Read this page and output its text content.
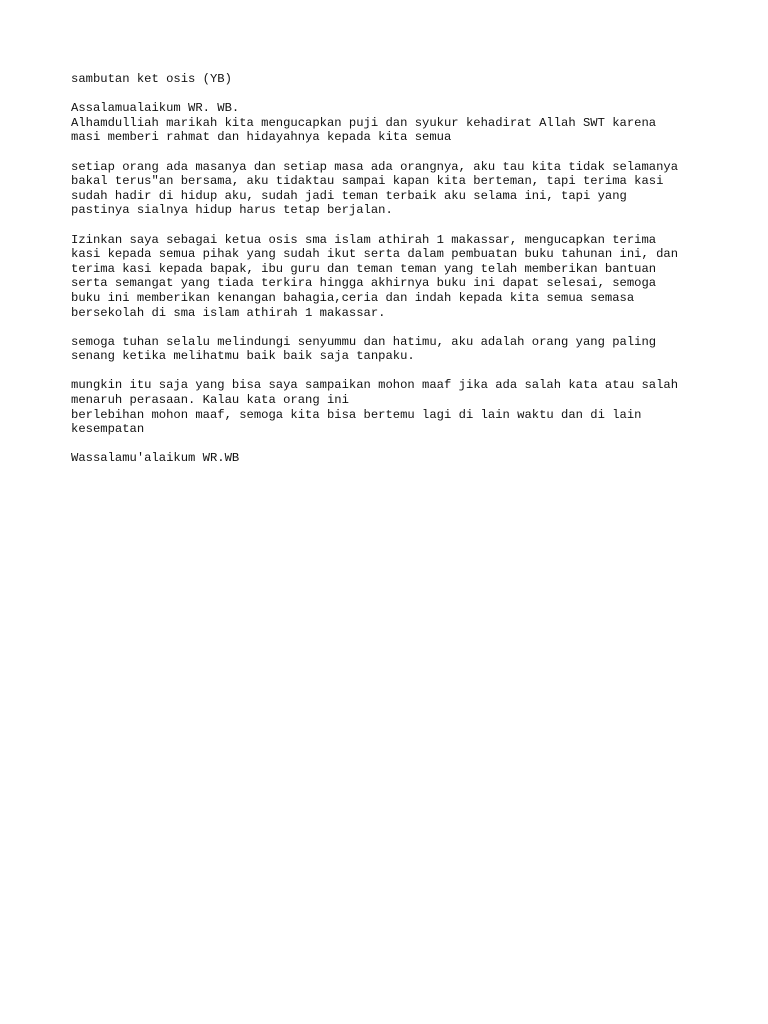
sambutan ket osis (YB)
Assalamualaikum WR. WB.
Alhamdulliah marikah kita mengucapkan puji dan syukur kehadirat Allah SWT karena
masi memberi rahmat dan hidayahnya kepada kita semua
setiap orang ada masanya dan setiap masa ada orangnya, aku tau kita tidak selamanya
bakal terus"an bersama, aku tidaktau sampai kapan kita berteman, tapi terima kasi
sudah hadir di hidup aku, sudah jadi teman terbaik aku selama ini, tapi yang
pastinya sialnya hidup harus tetap berjalan.
Izinkan saya sebagai ketua osis sma islam athirah 1 makassar, mengucapkan terima
kasi kepada semua pihak yang sudah ikut serta dalam pembuatan buku tahunan ini, dan
terima kasi kepada bapak, ibu guru dan teman teman yang telah memberikan bantuan
serta semangat yang tiada terkira hingga akhirnya buku ini dapat selesai, semoga
buku ini memberikan kenangan bahagia,ceria dan indah kepada kita semua semasa
bersekolah di sma islam athirah 1 makassar.
semoga tuhan selalu melindungi senyummu dan hatimu, aku adalah orang yang paling
senang ketika melihatmu baik baik saja tanpaku.
mungkin itu saja yang bisa saya sampaikan mohon maaf jika ada salah kata atau salah
menaruh perasaan. Kalau kata orang ini
berlebihan mohon maaf, semoga kita bisa bertemu lagi di lain waktu dan di lain
kesempatan
Wassalamu'alaikum WR.WB
